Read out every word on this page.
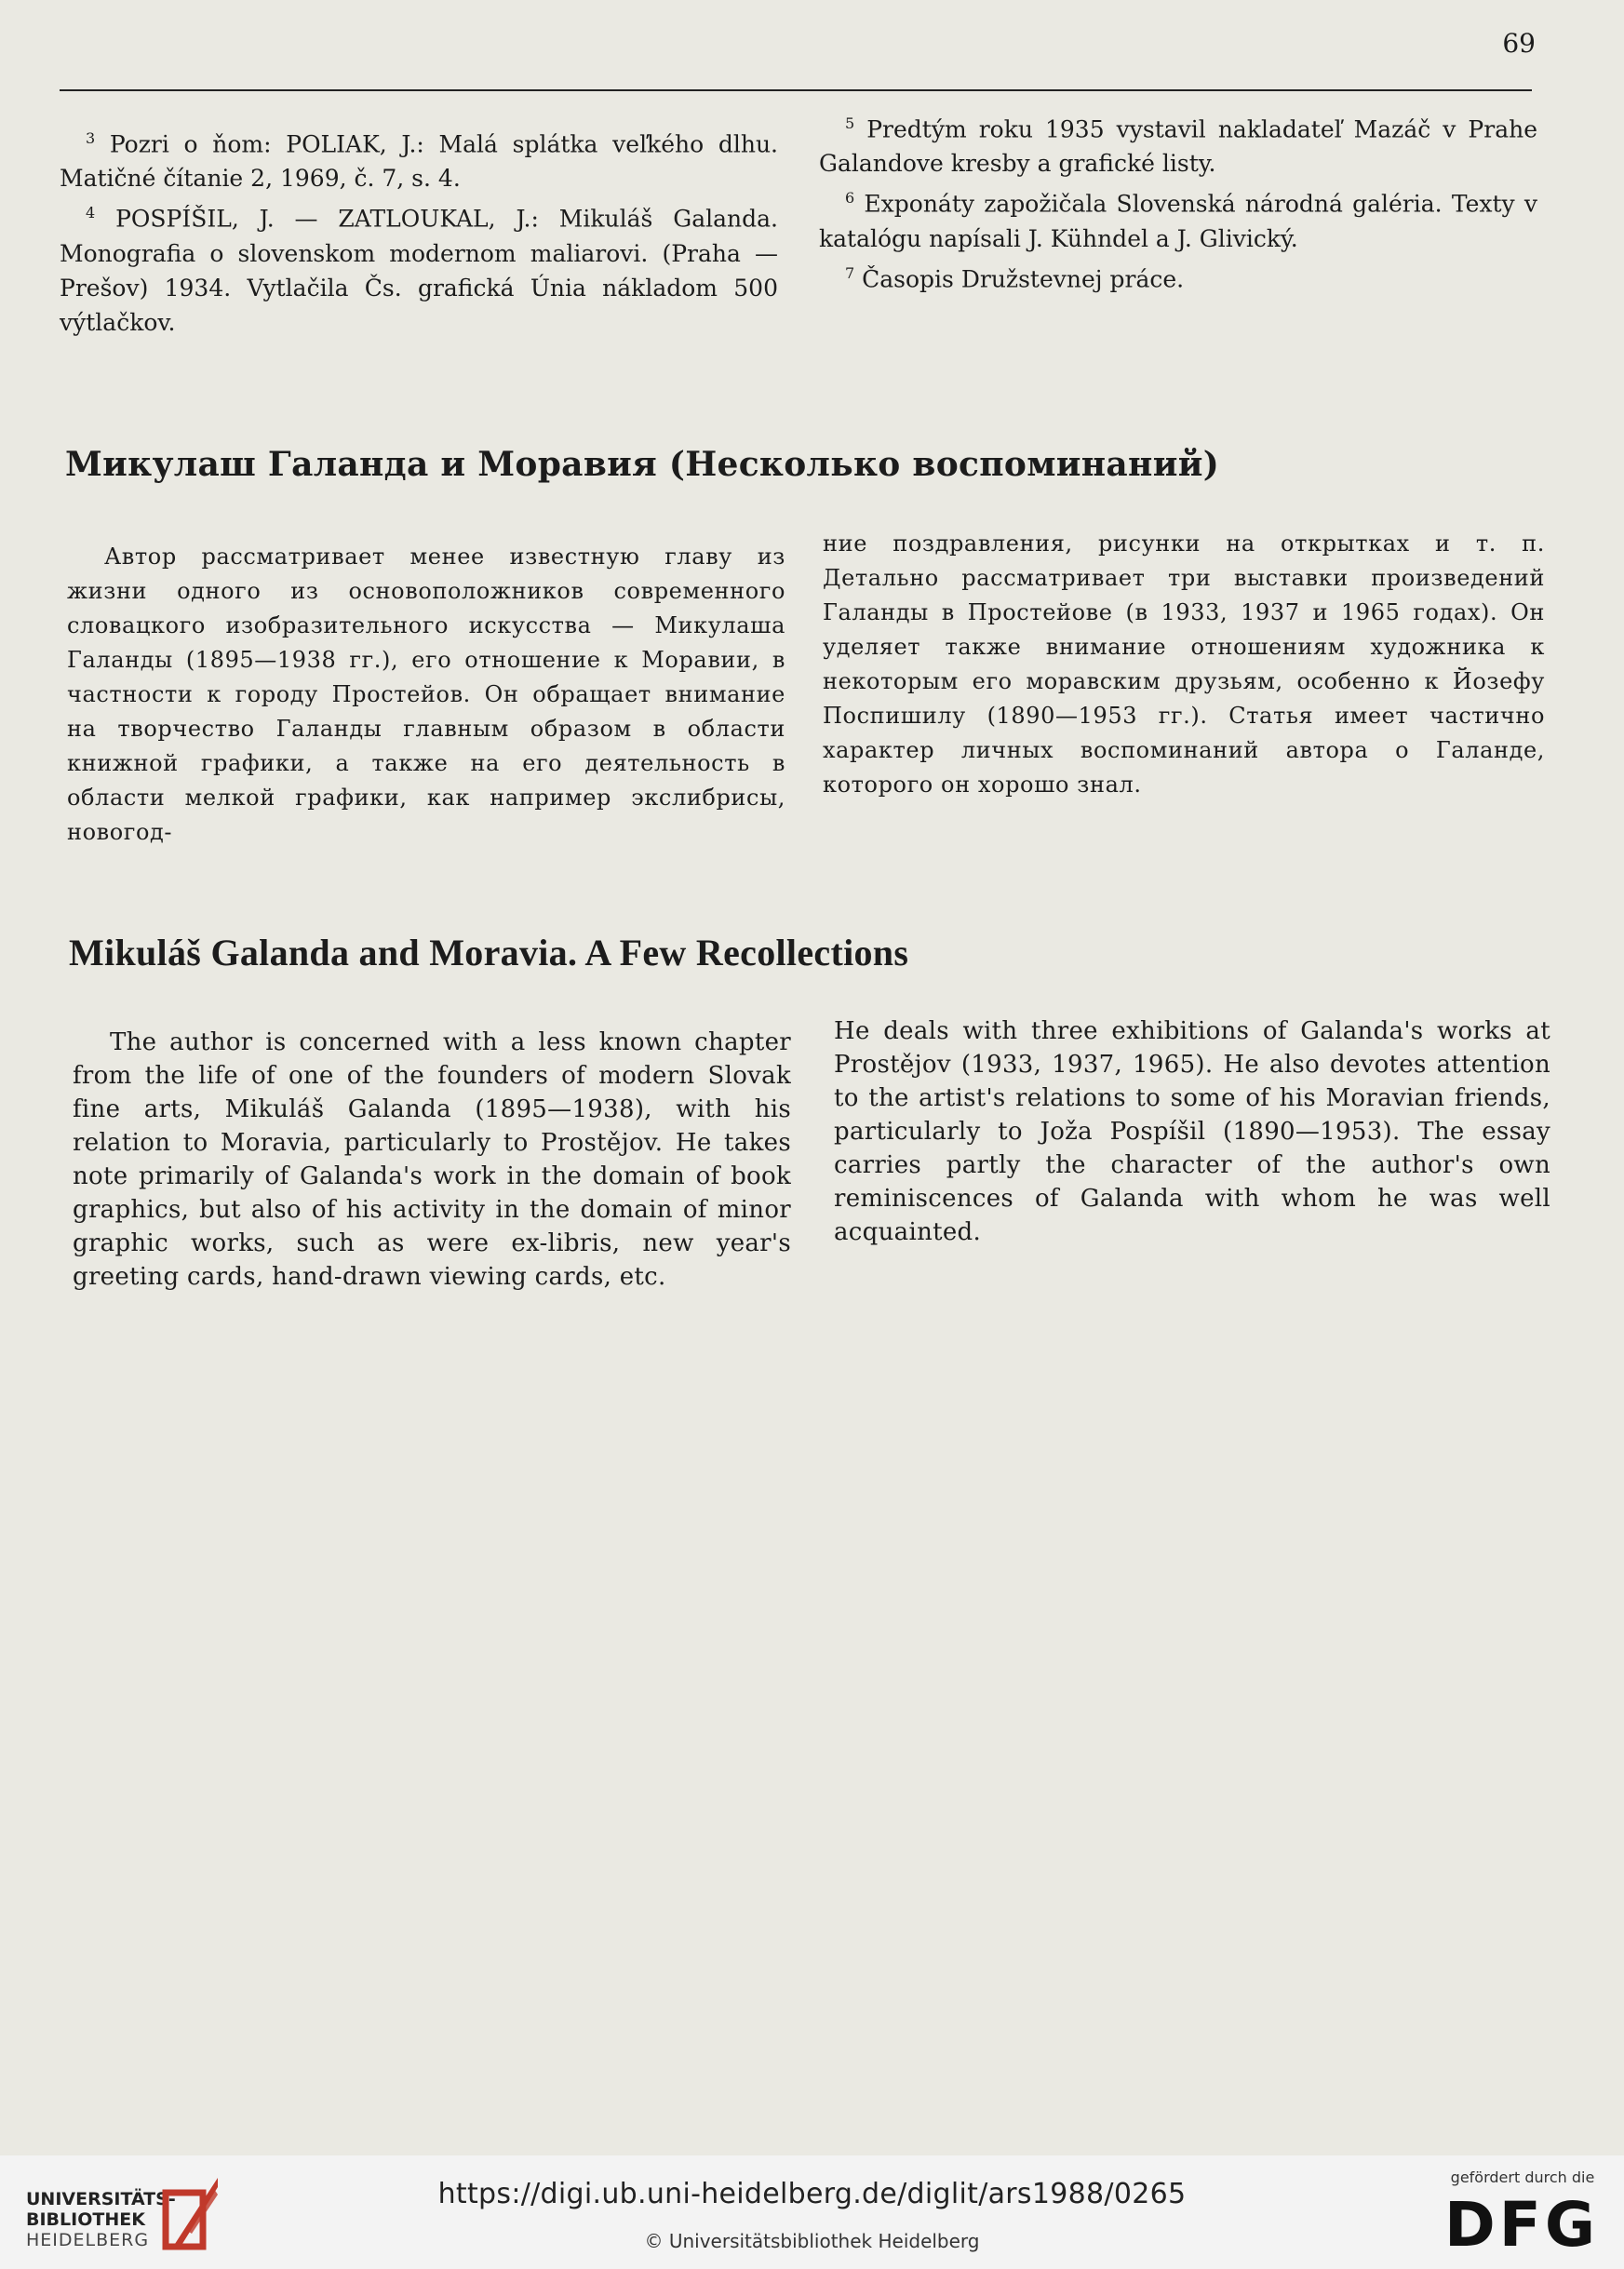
69

$^3$ Pozri o ňom: POLIAK, J.: Malá splátka veľkého dlhu. Matičné čítanie 2, 1969, č. 7, s. 4.

$^4$ POSPÍŠIL, J. — ZATLOUKAL, J.: Mikuláš Galanda. Monografia o slovenskom modernom maliarovi. (Praha — Prešov) 1934. Vytlačila Čs. grafická Únia nákladom 500 výtlačkov.

$^5$ Predtým roku 1935 vystavil nakladateľ Mazáč v Prahe Galandove kresby a grafické listy.

$^6$ Exponáty zapožičala Slovenská národná galéria. Texty v katalógu napísali J. Kühndel a J. Glivický.

$^7$ Časopis Družstevnej práce.

Микулаш Галанда и Моравия (Несколько воспоминаний)

Автор рассматривает менее известную главу из жизни одного из основоположников современного словацкого изобразительного искусства — Микулаша Галанды (1895—1938 гг.), его отношение к Моравии, в частности к городу Простейов. Он обращает внимание на творчество Галанды главным образом в области книжной графики, а также на его деятельность в области мелкой графики, как например экслибрисы, новогод-

ние поздравления, рисунки на открытках и т. п. Детально рассматривает три выставки произведений Галанды в Простейове (в 1933, 1937 и 1965 годах). Он уделяет также внимание отношениям художника к некоторым его моравским друзьям, особенно к Йозефу Поспишилу (1890—1953 гг.). Статья имеет частично характер личных воспоминаний автора о Галанде, которого он хорошо знал.

Mikuláš Galanda and Moravia. A Few Recollections

The author is concerned with a less known chapter from the life of one of the founders of modern Slovak fine arts, Mikuláš Galanda (1895—1938), with his relation to Moravia, particularly to Prostějov. He takes note primarily of Galanda's work in the domain of book graphics, but also of his activity in the domain of minor graphic works, such as were ex-libris, new year's greeting cards, hand-drawn viewing cards, etc.

He deals with three exhibitions of Galanda's works at Prostějov (1933, 1937, 1965). He also devotes attention to the artist's relations to some of his Moravian friends, particularly to Joža Pospíšil (1890—1953). The essay carries partly the character of the author's own reminiscences of Galanda with whom he was well acquainted.

UNIVERSITÄTS-
BIBLIOTHEK
HEIDELBERG
https://digi.ub.uni-heidelberg.de/diglit/ars1988/0265
© Universitätsbibliothek Heidelberg
gefördert durch die
DFG
